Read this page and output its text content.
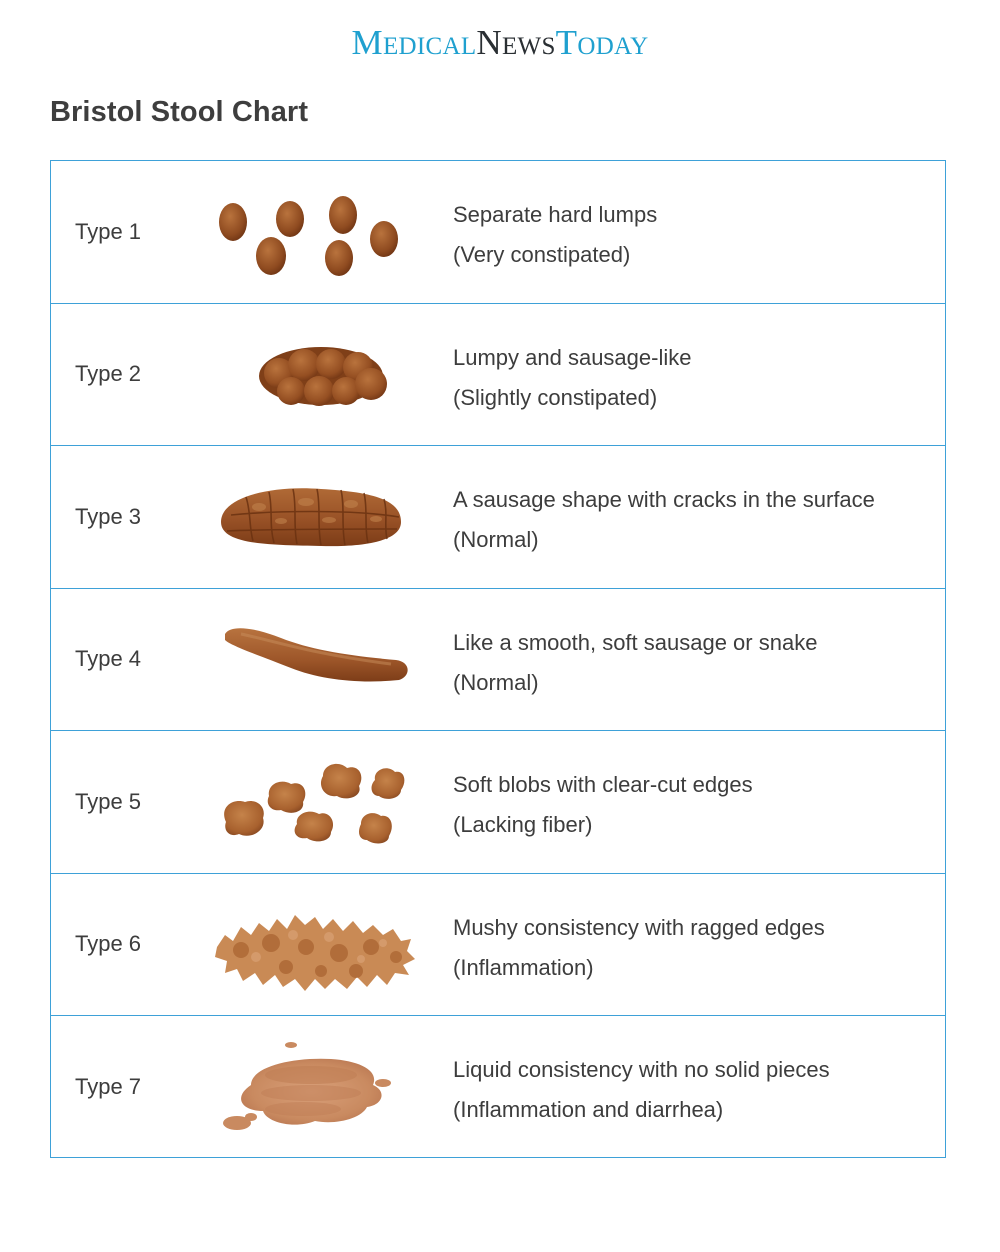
MEDICALNEWSTODAY
Bristol Stool Chart
Type 1
Separate hard lumps
(Very constipated)
Type 2
Lumpy and sausage-like
(Slightly constipated)
Type 3
A sausage shape with cracks in the surface
(Normal)
Type 4
Like a smooth, soft sausage or snake
(Normal)
Type 5
Soft blobs with clear-cut edges
(Lacking fiber)
Type 6
Mushy consistency with ragged edges
(Inflammation)
Type 7
Liquid consistency with no solid pieces
(Inflammation and diarrhea)
